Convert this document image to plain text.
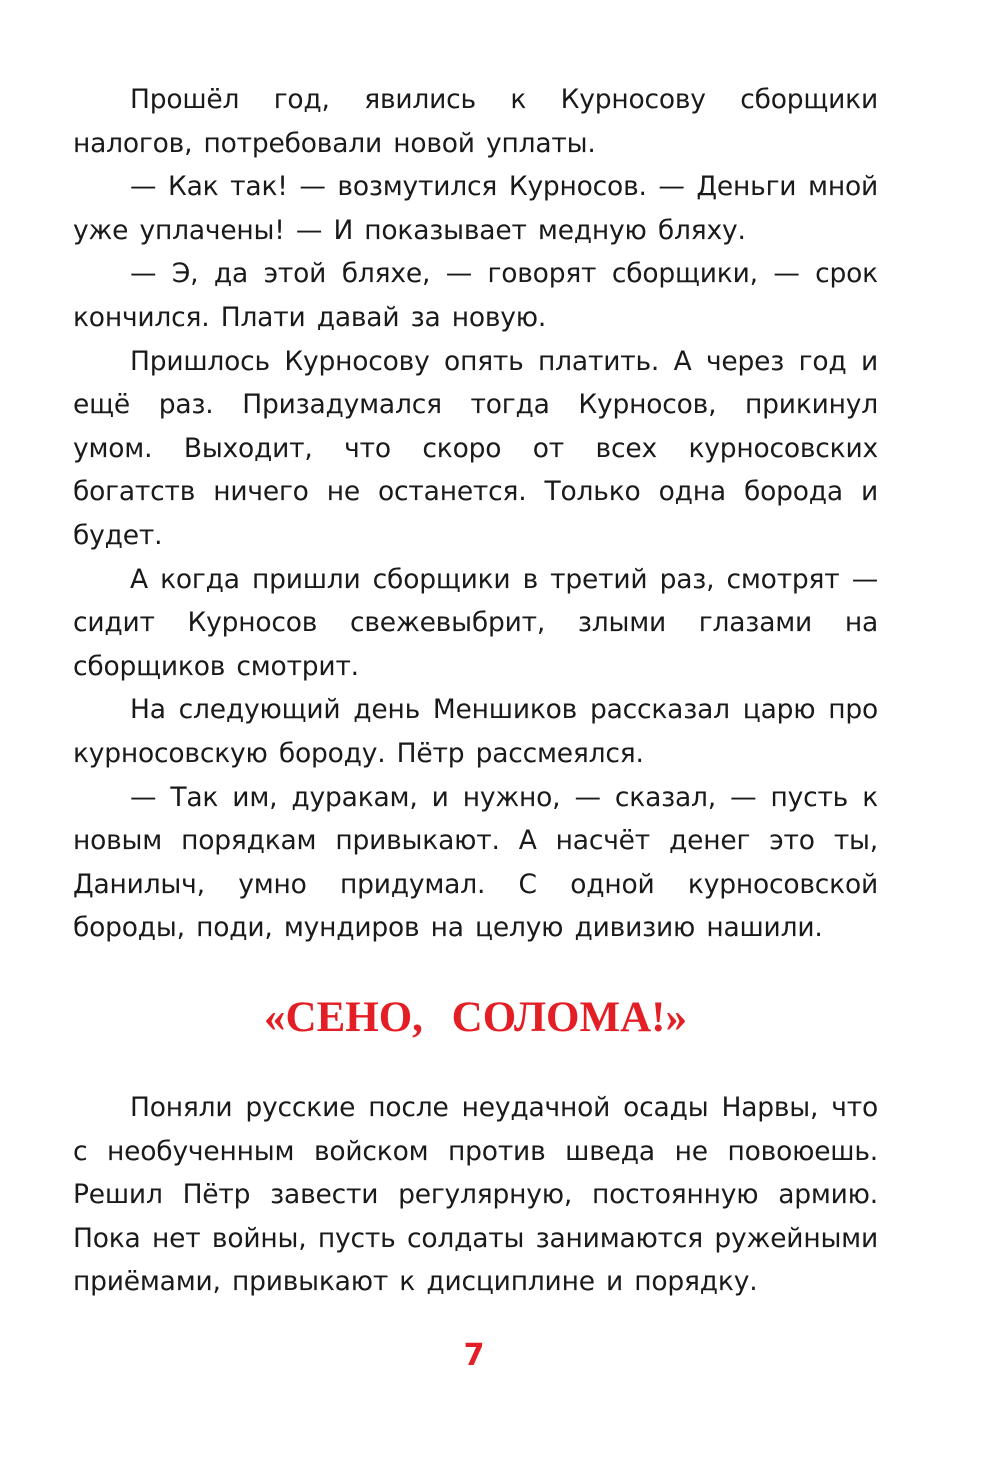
Прошёл год, явились к Курносову сборщики налогов, потребовали новой уплаты.

— Как так! — возмутился Курносов. — Деньги мной уже уплачены! — И показывает медную бляху.

— Э, да этой бляхе, — говорят сборщики, — срок кончился. Плати давай за новую.

Пришлось Курносову опять платить. А через год и ещё раз. Призадумался тогда Курносов, прикинул умом. Выходит, что скоро от всех курносовских богатств ничего не останется. Только одна борода и будет.

А когда пришли сборщики в третий раз, смотрят — сидит Курносов свежевыбрит, злыми глазами на сборщиков смотрит.

На следующий день Меншиков рассказал царю про курносовскую бороду. Пётр рассмеялся.

— Так им, дуракам, и нужно, — сказал, — пусть к новым порядкам привыкают. А насчёт денег это ты, Данилыч, умно придумал. С одной курносовской бороды, поди, мундиров на целую дивизию нашили.

«СЕНО, СОЛОМА!»

Поняли русские после неудачной осады Нарвы, что с необученным войском против шведа не повоюешь. Решил Пётр завести регулярную, постоянную армию. Пока нет войны, пусть солдаты занимаются ружейными приёмами, привыкают к дисциплине и порядку.

7
